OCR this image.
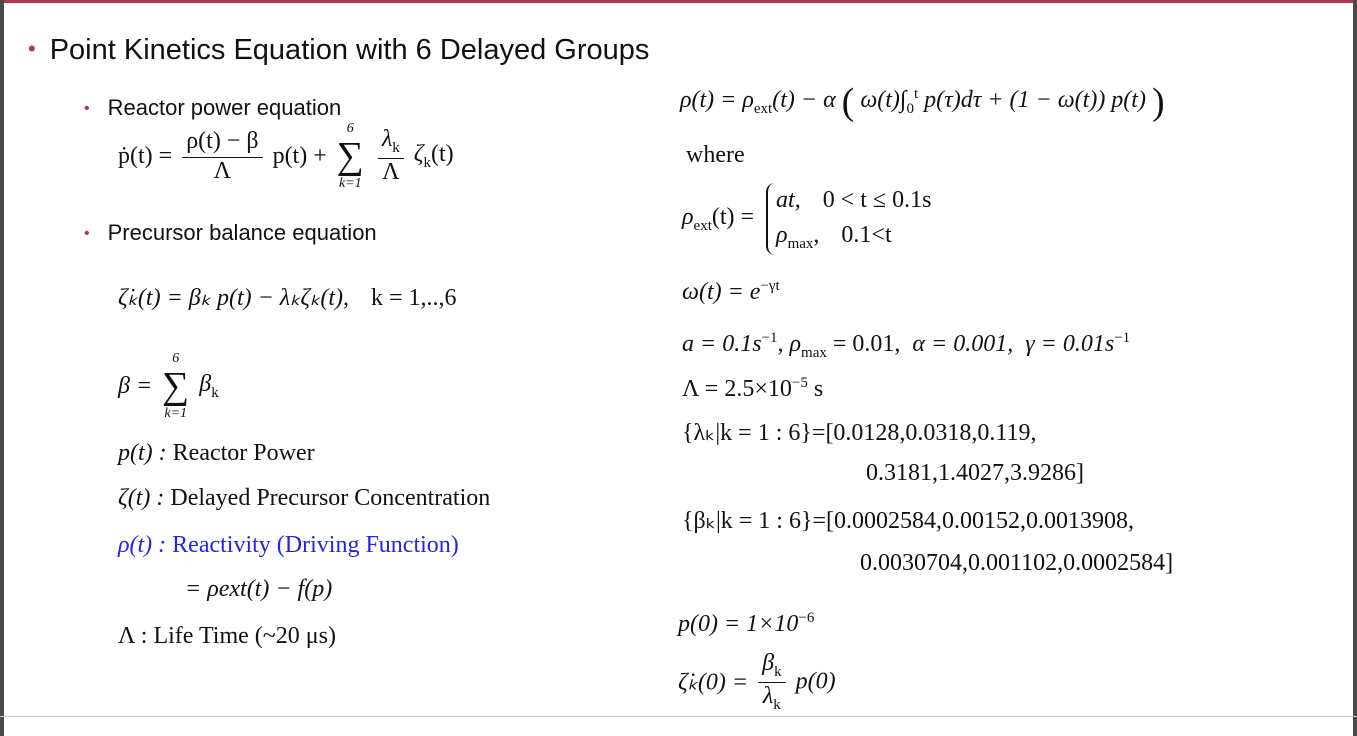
• Point Kinetics Equation with 6 Delayed Groups
• Reactor power equation
ṗ(t) = $\frac{\rho(t) - \beta}{\Lambda} p(t)$ +
6
∑
k=1
$\frac{\lambda_k}{\Lambda} \zeta_k(t)$
• Precursor balance equation
ζ̇ₖ(t) = βₖ p(t) − λₖζₖ(t), k = 1,..,6
β =
6
∑
k=1
$\beta_k$
p(t) : Reactor Power
ζ(t) : Delayed Precursor Concentration
ρ(t) : Reactivity (Driving Function)
= ρext(t) − f(p)
Λ : Life Time (~20 μs)
$\rho(t) = \rho_{ext}(t) - \alpha$ ( $\omega(t)\int_0^t$ p(τ)dτ + (1 − ω(t)) p(t) )
where
$\rho_{ext}(t)$ =
at, 0 < t ≤ 0.1s
$\rho_{max}$, 0.1<t
$\omega(t) = e^{-\gamma t}$
$a = 0.1s^{-1}$, $\rho_{max} = 0.01$, α = 0.001, $\gamma = 0.01s^{-1}$
$\Lambda = 2.5\times 10^{-5}$ s
{λₖ|k = 1 : 6}=[0.0128,0.0318,0.119,
0.3181,1.4027,3.9286]
{βₖ|k = 1 : 6}=[0.0002584,0.00152,0.0013908,
0.0030704,0.001102,0.0002584]
$p(0) = 1\times 10^{-6}$
ζ̇ₖ(0) = $\frac{\beta_k}{\lambda_k} p(0)$
